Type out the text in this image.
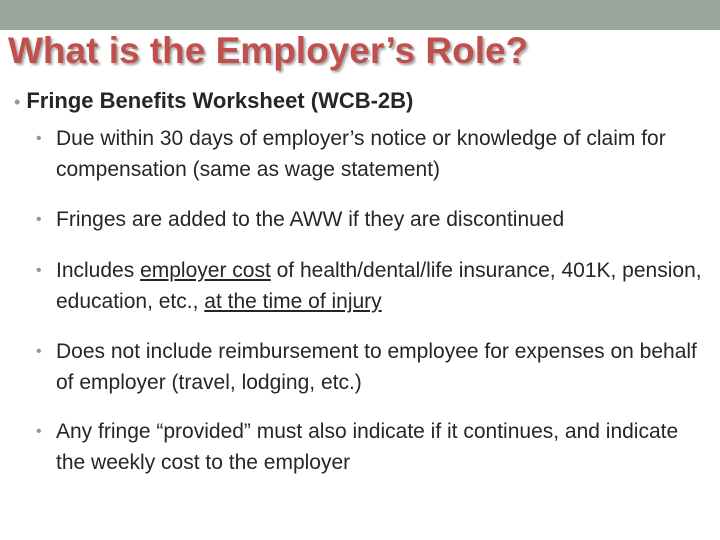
What is the Employer’s Role?
• Fringe Benefits Worksheet (WCB-2B)
• Due within 30 days of employer’s notice or knowledge of claim for compensation (same as wage statement)
• Fringes are added to the AWW if they are discontinued
• Includes employer cost of health/dental/life insurance, 401K, pension, education, etc., at the time of injury
• Does not include reimbursement to employee for expenses on behalf of employer (travel, lodging, etc.)
• Any fringe “provided” must also indicate if it continues, and indicate the weekly cost to the employer
